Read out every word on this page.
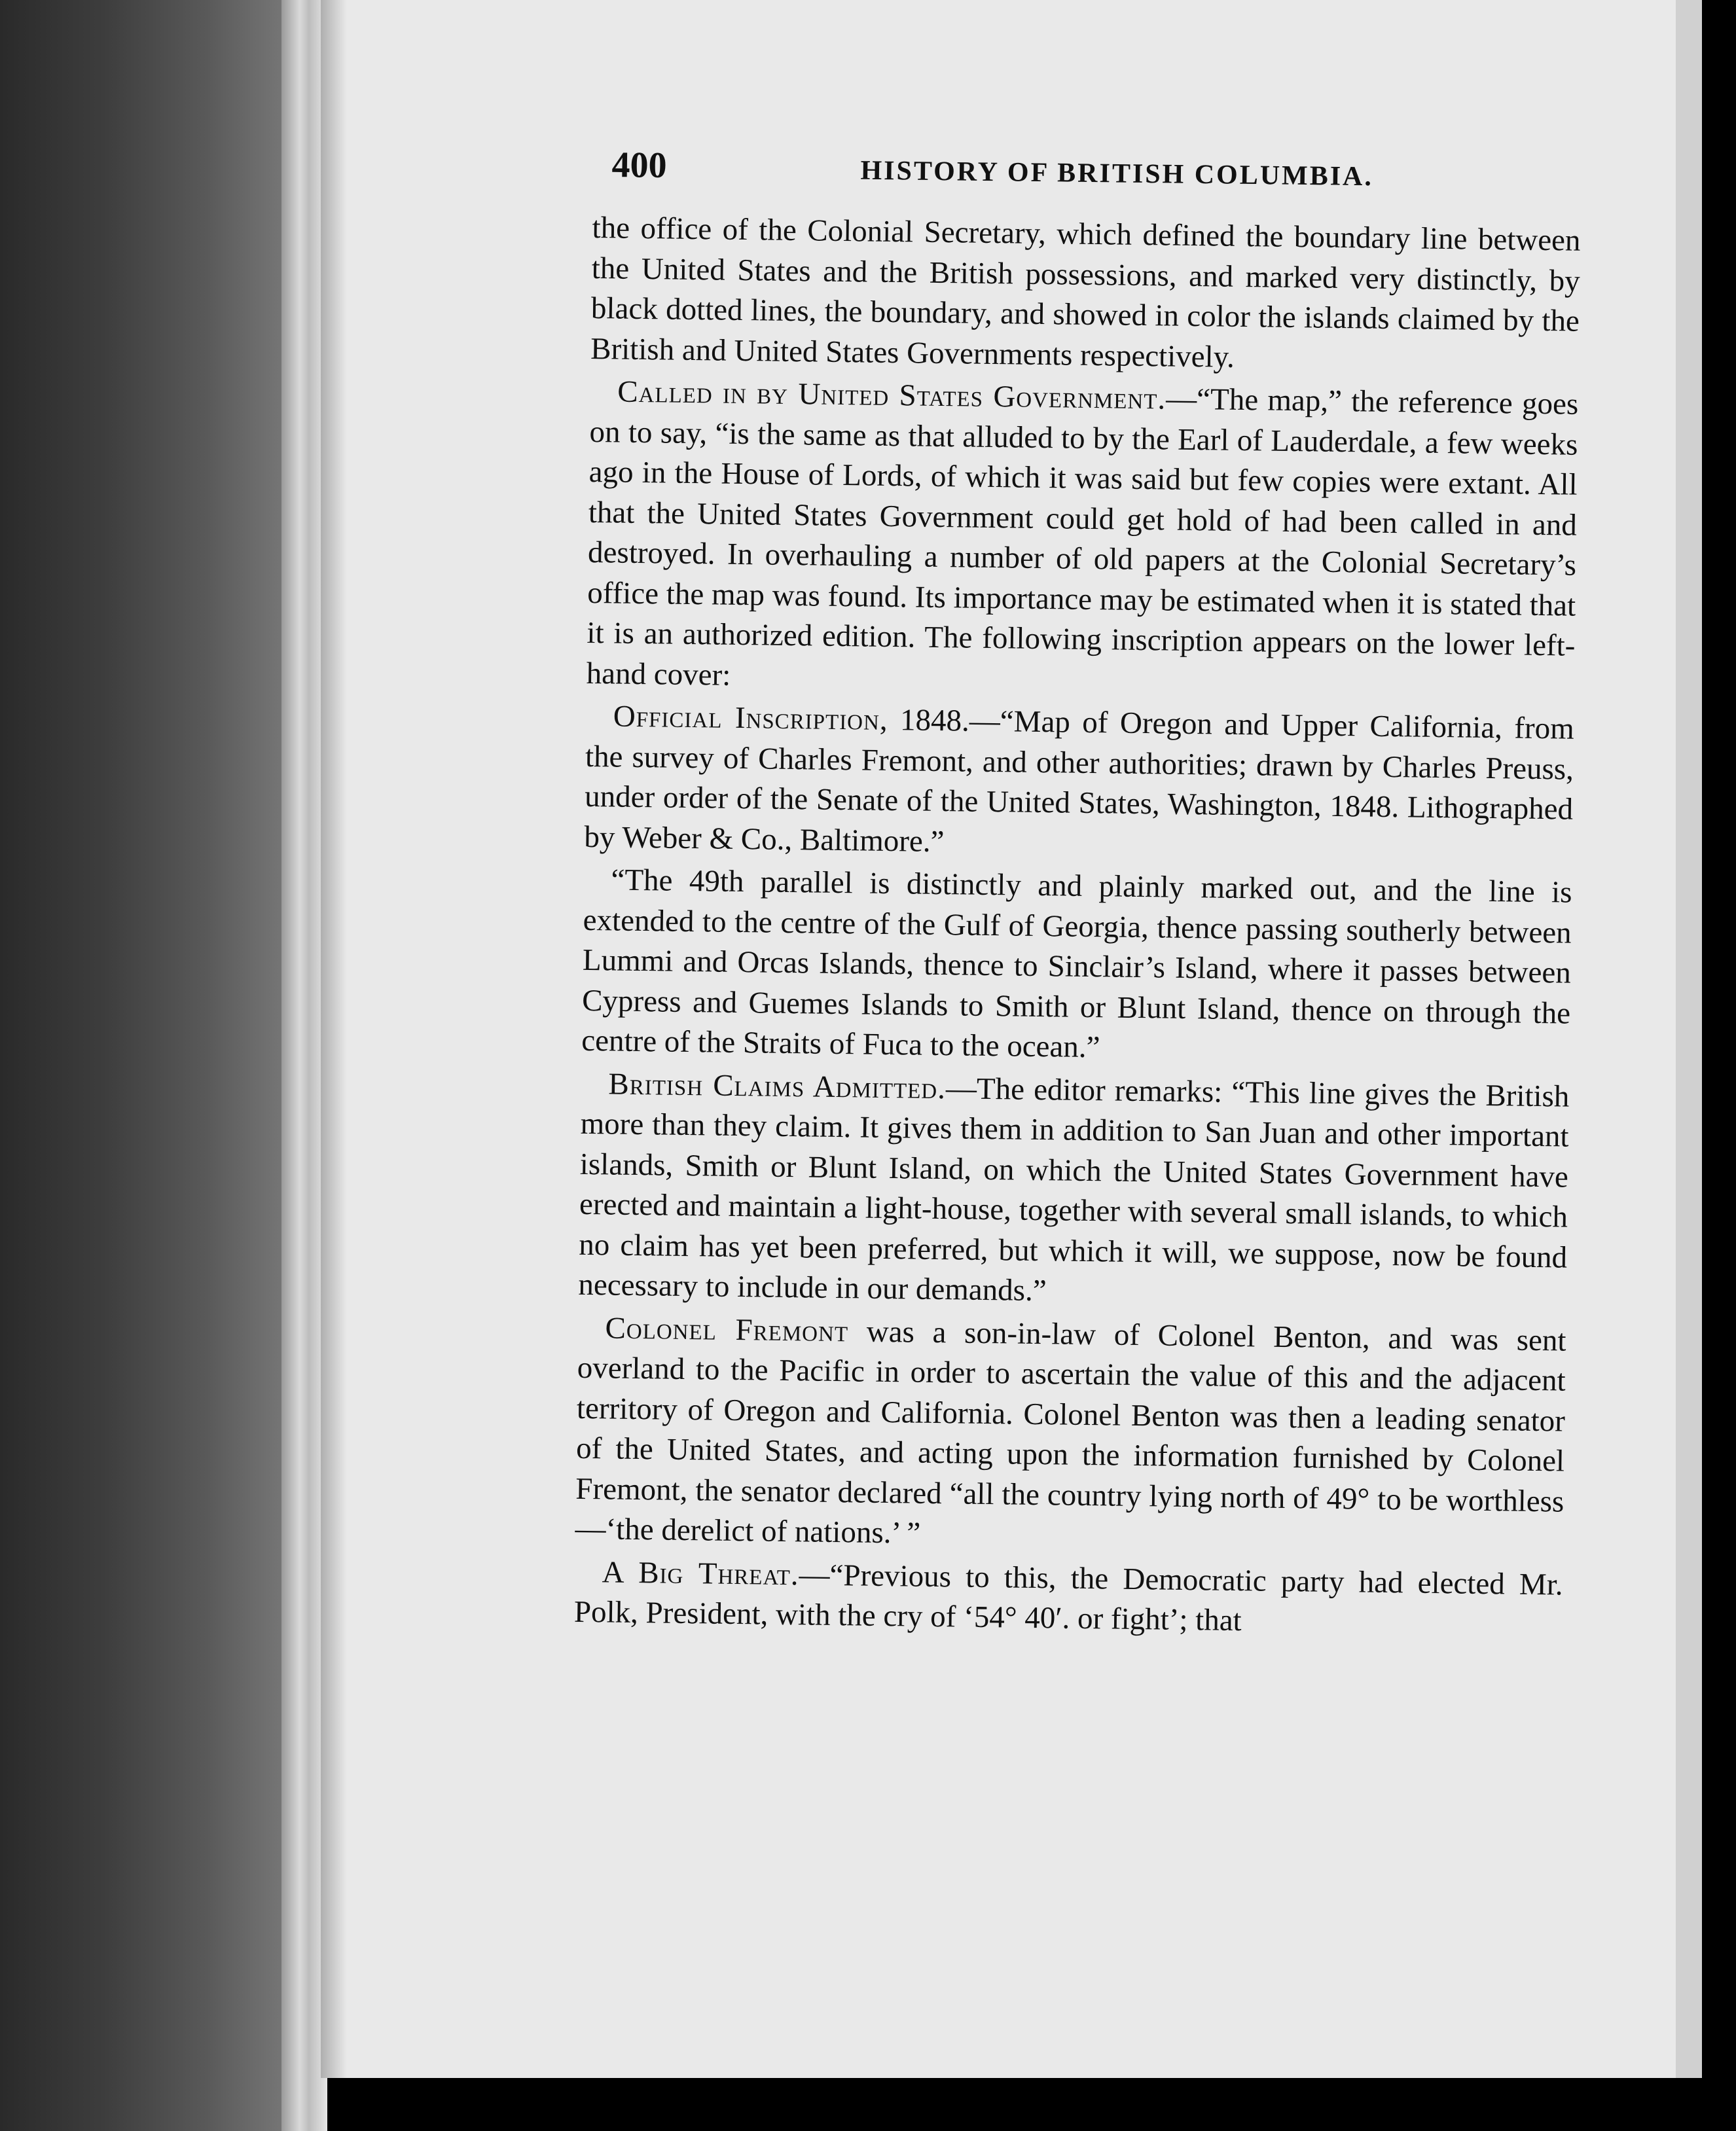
400	HISTORY OF BRITISH COLUMBIA.

the office of the Colonial Secretary, which defined the boundary line between the United States and the British possessions, and marked very distinctly, by black dotted lines, the boundary, and showed in color the islands claimed by the British and United States Governments respectively.

Called in by United States Government.—“The map,” the reference goes on to say, “is the same as that alluded to by the Earl of Lauderdale, a few weeks ago in the House of Lords, of which it was said but few copies were extant. All that the United States Government could get hold of had been called in and destroyed. In overhauling a number of old papers at the Colonial Secretary’s office the map was found. Its importance may be estimated when it is stated that it is an authorized edition. The following inscription appears on the lower left-hand cover:

Official Inscription, 1848.—“Map of Oregon and Upper California, from the survey of Charles Fremont, and other authorities; drawn by Charles Preuss, under order of the Senate of the United States, Washington, 1848. Lithographed by Weber & Co., Baltimore.”

“The 49th parallel is distinctly and plainly marked out, and the line is extended to the centre of the Gulf of Georgia, thence passing southerly between Lummi and Orcas Islands, thence to Sinclair’s Island, where it passes between Cypress and Guemes Islands to Smith or Blunt Island, thence on through the centre of the Straits of Fuca to the ocean.”

British Claims Admitted.—The editor remarks: “This line gives the British more than they claim. It gives them in addition to San Juan and other important islands, Smith or Blunt Island, on which the United States Government have erected and maintain a light-house, together with several small islands, to which no claim has yet been preferred, but which it will, we suppose, now be found necessary to include in our demands.”

Colonel Fremont was a son-in-law of Colonel Benton, and was sent overland to the Pacific in order to ascertain the value of this and the adjacent territory of Oregon and California. Colonel Benton was then a leading senator of the United States, and acting upon the information furnished by Colonel Fremont, the senator declared “all the country lying north of 49° to be worthless—‘the derelict of nations.’ ”

A Big Threat.—“Previous to this, the Democratic party had elected Mr. Polk, President, with the cry of ‘54° 40′. or fight’; that
